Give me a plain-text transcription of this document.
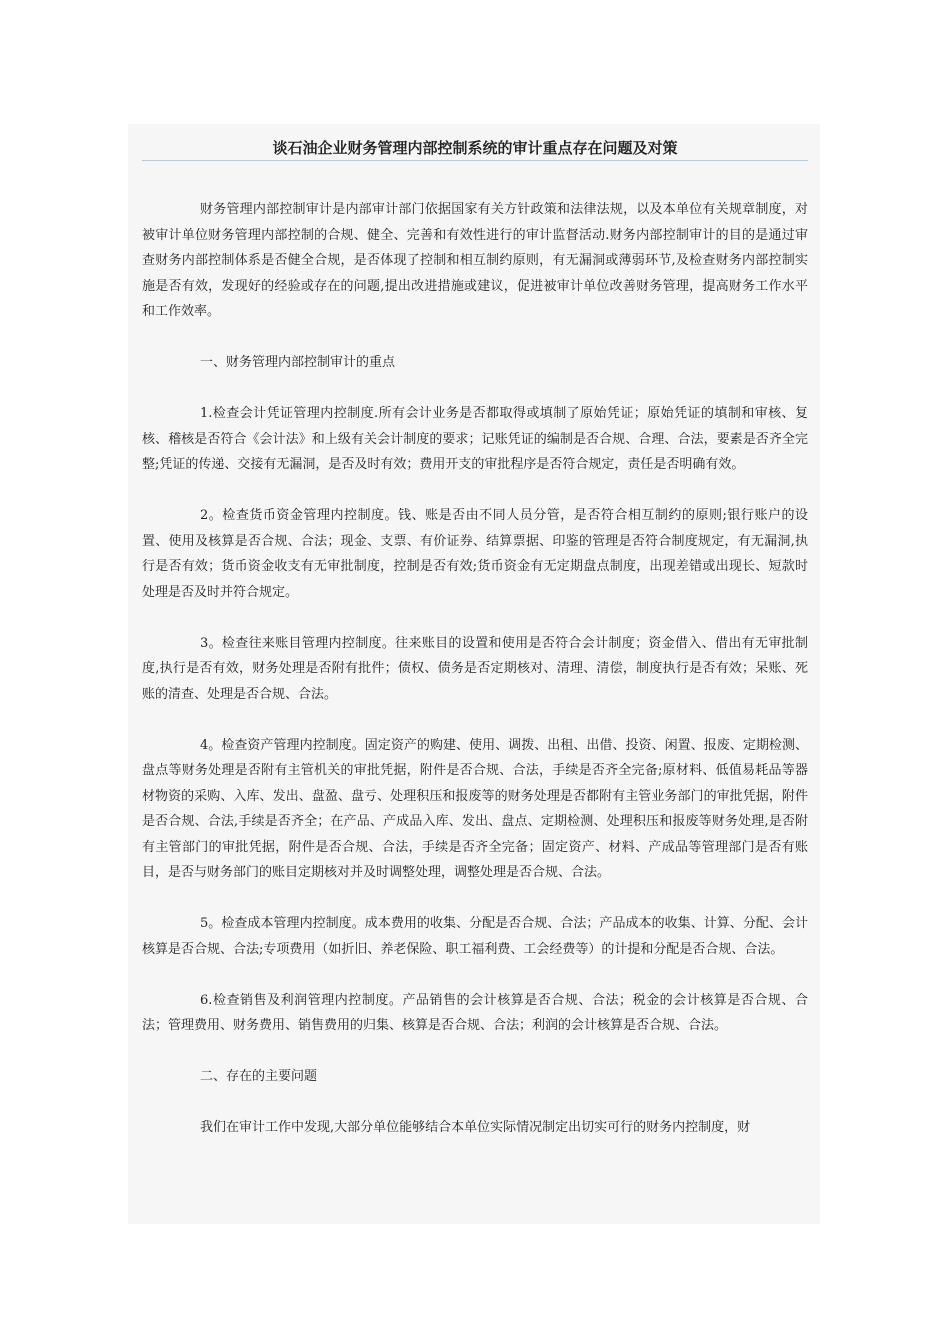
谈石油企业财务管理内部控制系统的审计重点存在问题及对策

财务管理内部控制审计是内部审计部门依据国家有关方针政策和法律法规，以及本单位有关规章制度，对被审计单位财务管理内部控制的合规、健全、完善和有效性进行的审计监督活动.财务内部控制审计的目的是通过审查财务内部控制体系是否健全合规，是否体现了控制和相互制约原则，有无漏洞或薄弱环节,及检查财务内部控制实施是否有效，发现好的经验或存在的问题,提出改进措施或建议，促进被审计单位改善财务管理，提高财务工作水平和工作效率。

一、财务管理内部控制审计的重点

1.检查会计凭证管理内控制度.所有会计业务是否都取得或填制了原始凭证；原始凭证的填制和审核、复核、稽核是否符合《会计法》和上级有关会计制度的要求；记账凭证的编制是否合规、合理、合法，要素是否齐全完整;凭证的传递、交接有无漏洞，是否及时有效；费用开支的审批程序是否符合规定，责任是否明确有效。

2。检查货币资金管理内控制度。钱、账是否由不同人员分管，是否符合相互制约的原则;银行账户的设置、使用及核算是否合规、合法；现金、支票、有价证券、结算票据、印鉴的管理是否符合制度规定，有无漏洞,执行是否有效；货币资金收支有无审批制度，控制是否有效;货币资金有无定期盘点制度，出现差错或出现长、短款时处理是否及时并符合规定。

3。检查往来账目管理内控制度。往来账目的设置和使用是否符合会计制度；资金借入、借出有无审批制度,执行是否有效，财务处理是否附有批件；债权、债务是否定期核对、清理、清偿，制度执行是否有效；呆账、死账的清查、处理是否合规、合法。

4。检查资产管理内控制度。固定资产的购建、使用、调拨、出租、出借、投资、闲置、报废、定期检测、盘点等财务处理是否附有主管机关的审批凭据，附件是否合规、合法，手续是否齐全完备;原材料、低值易耗品等器材物资的采购、入库、发出、盘盈、盘亏、处理积压和报废等的财务处理是否都附有主管业务部门的审批凭据，附件是否合规、合法,手续是否齐全；在产品、产成品入库、发出、盘点、定期检测、处理积压和报废等财务处理,是否附有主管部门的审批凭据，附件是否合规、合法，手续是否齐全完备；固定资产、材料、产成品等管理部门是否有账目，是否与财务部门的账目定期核对并及时调整处理，调整处理是否合规、合法。

5。检查成本管理内控制度。成本费用的收集、分配是否合规、合法；产品成本的收集、计算、分配、会计核算是否合规、合法;专项费用（如折旧、养老保险、职工福利费、工会经费等）的计提和分配是否合规、合法。

6.检查销售及利润管理内控制度。产品销售的会计核算是否合规、合法；税金的会计核算是否合规、合法；管理费用、财务费用、销售费用的归集、核算是否合规、合法；利润的会计核算是否合规、合法。

二、存在的主要问题

我们在审计工作中发现,大部分单位能够结合本单位实际情况制定出切实可行的财务内控制度，财
